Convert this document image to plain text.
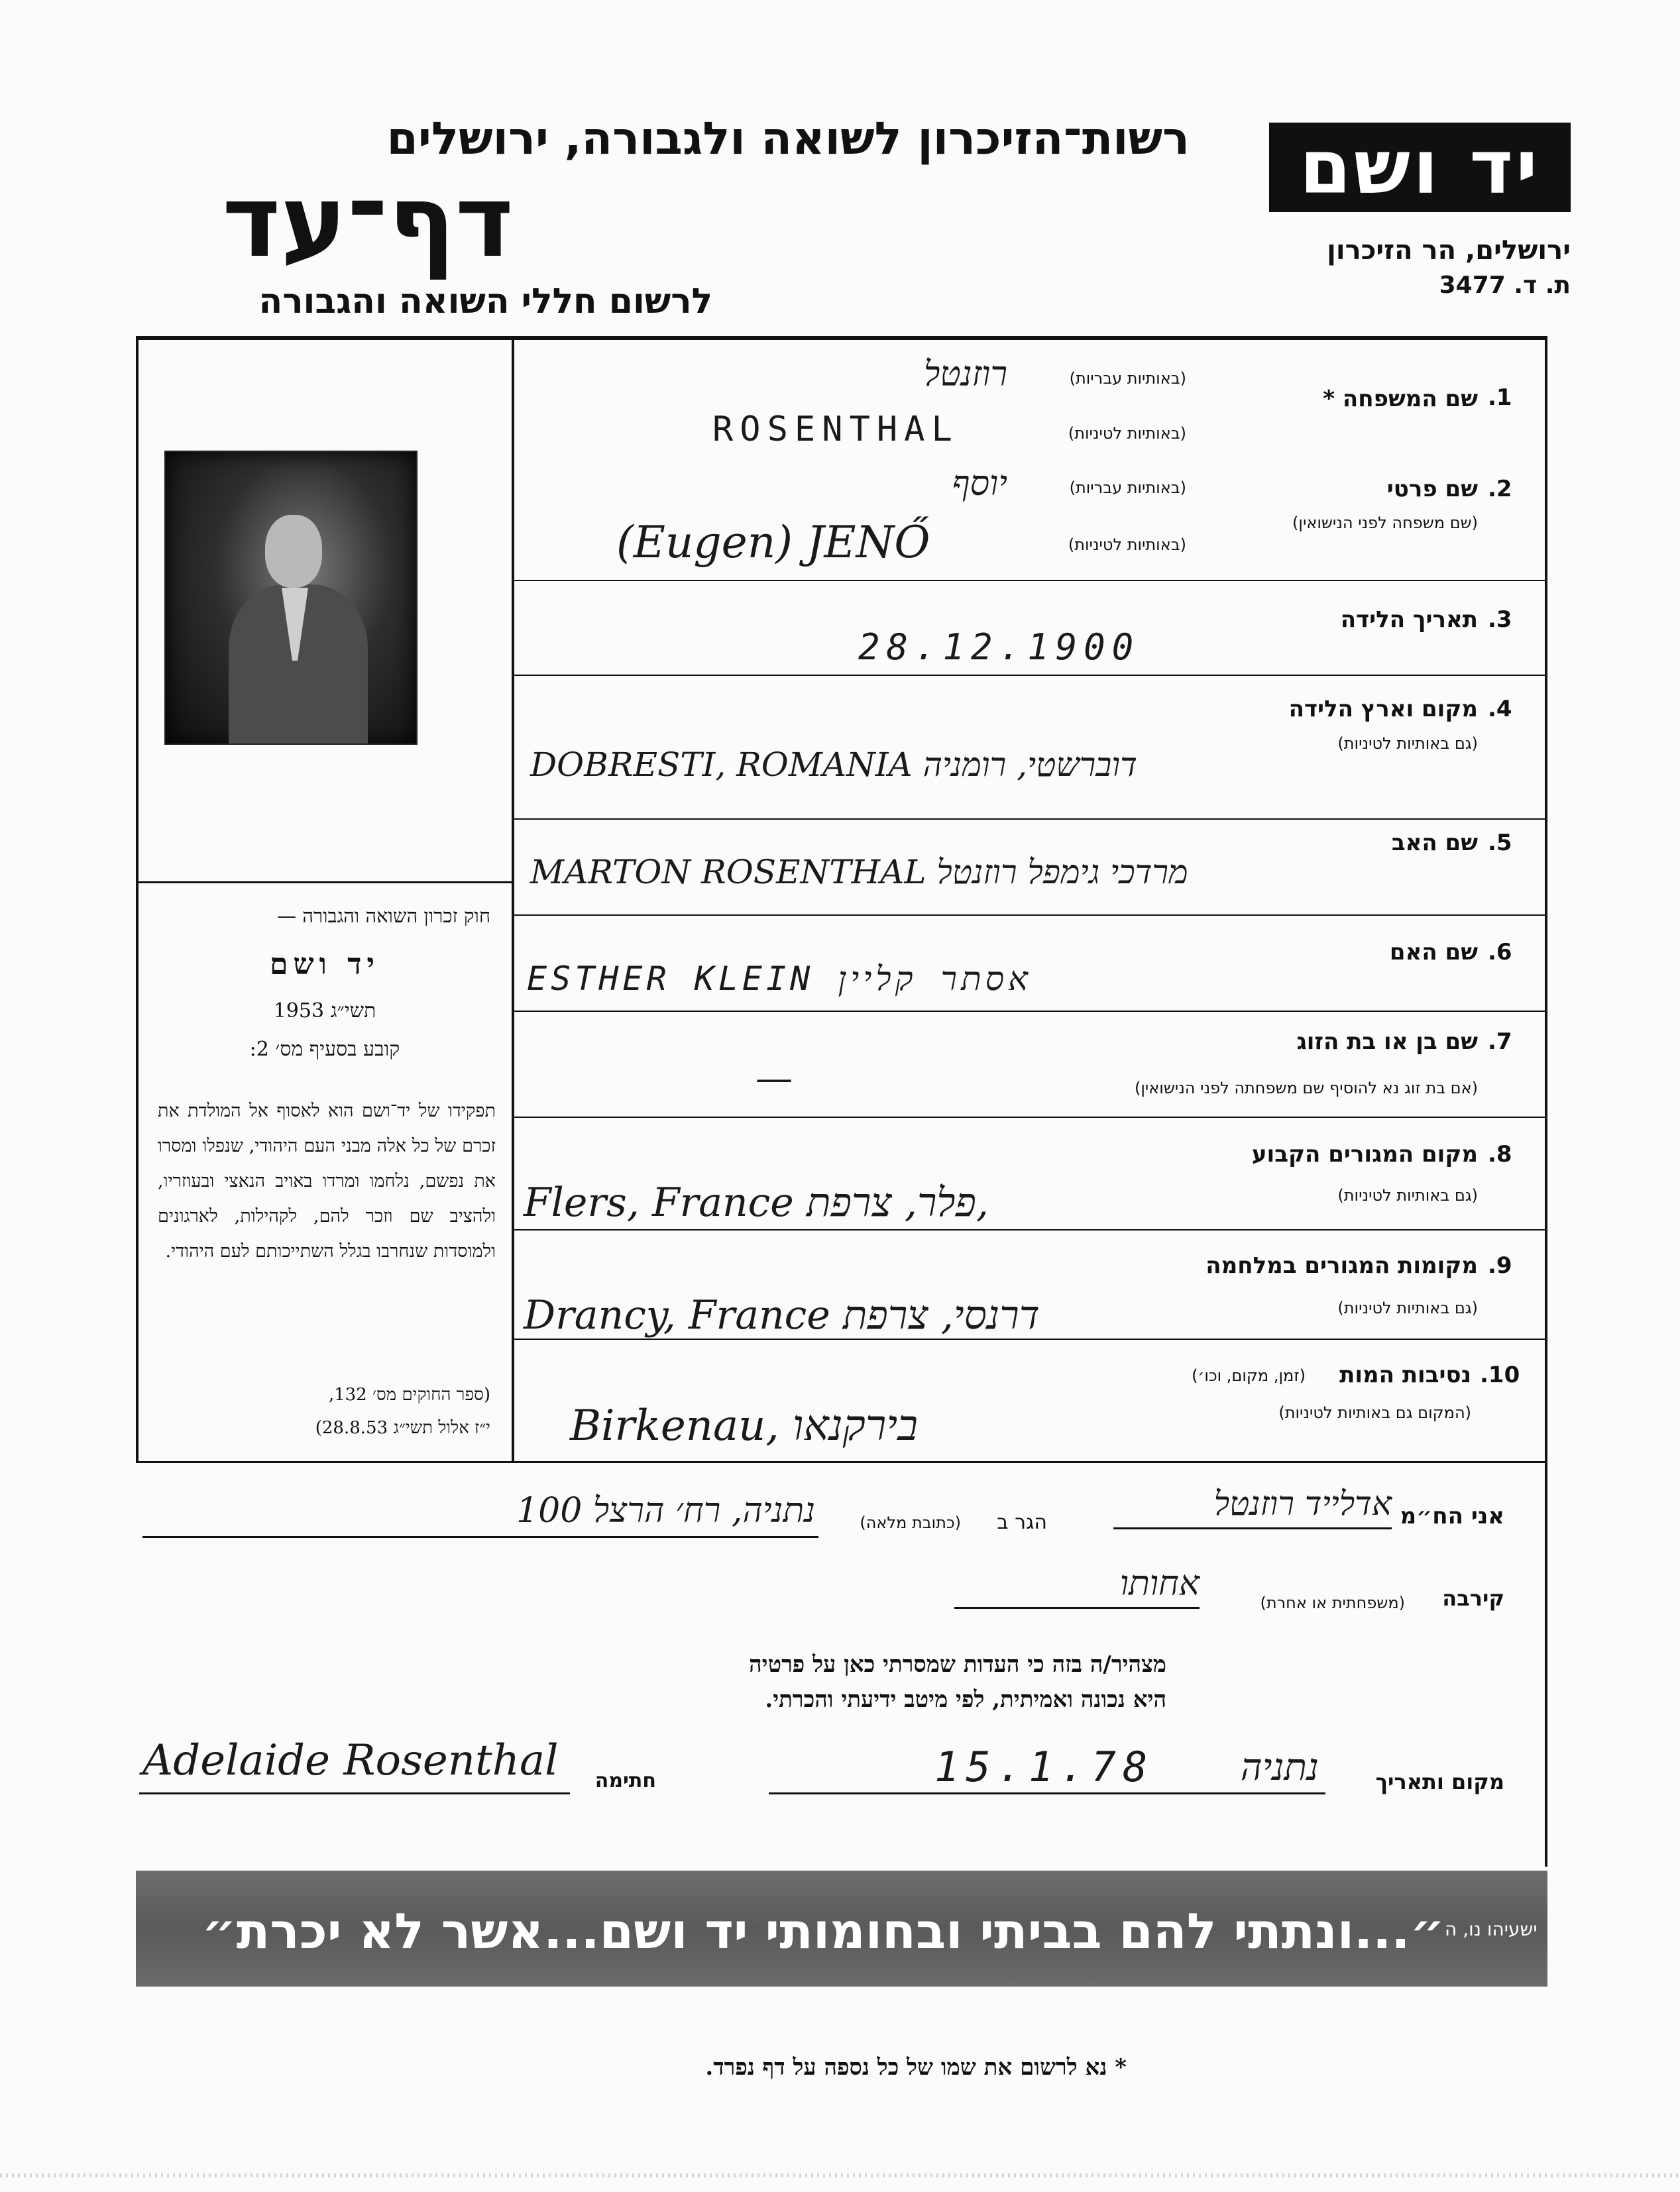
רשות־הזיכרון לשואה ולגבורה, ירושלים
דף־עד
לרשום חללי השואה והגבורה
יד ושם
ירושלים, הר הזיכרון
ת. ד. 3477
.1
שם המשפחה *
(באותיות עבריות)
(באותיות לטיניות)
רוזנטל
ROSENTHAL
.2
שם פרטי
(שם משפחה לפני הנישואין)
(באותיות עבריות)
(באותיות לטיניות)
יוסף
(Eugen) JENŐ
.3
תאריך הלידה
28.12.1900
.4
מקום וארץ הלידה
(גם באותיות לטיניות)
DOBRESTI, ROMANIA דוברשטי, רומניה
.5
שם האב
MARTON ROSENTHAL מרדכי גימפל רוזנטל
.6
שם האם
ESTHER KLEIN אסתר קליין
.7
שם בן או בת הזוג
(אם בת זוג נא להוסיף שם משפחתה לפני הנישואין)
—
.8
מקום המגורים הקבוע
(גם באותיות לטיניות)
Flers, France פלר, צרפת,
.9
מקומות המגורים במלחמה
(גם באותיות לטיניות)
Drancy, France דרנסי, צרפת
.10
נסיבות המות
(זמן, מקום, וכו׳)
(המקום גם באותיות לטיניות)
Birkenau, בירקנאו
חוק זכרון השואה והגבורה —
יד ושם
תשי״ג 1953
קובע בסעיף מס׳ 2:
תפקידו של יד־ושם הוא לאסוף אל המולדת את זכרם של כל אלה מבני העם היהודי, שנפלו ומסרו את נפשם, נלחמו ומרדו באויב הנאצי ובעוזריו, ולהציב שם וזכר להם, לקהילות, לארגונים ולמוסדות שנחרבו בגלל השתייכותם לעם היהודי.
(ספר החוקים מס׳ 132,
י״ז אלול תשי״ג 28.8.53)
אני הח״מ
אדלייד רוזנטל
הגר ב
(כתובת מלאה)
נתניה, רח׳ הרצל 100
קירבה
(משפחתית או אחרת)
אחותו
מצהיר/ה בזה כי העדות שמסרתי כאן על פרטיה
היא נכונה ואמיתית, לפי מיטב ידיעתי והכרתי.
מקום ותאריך
נתניה
15.1.78
חתימה
Adelaide Rosenthal
״...ונתתי להם בביתי ובחומותי יד ושם...אשר לא יכרת״ ישעיהו נו, ה
* נא לרשום את שמו של כל נספה על דף נפרד.
